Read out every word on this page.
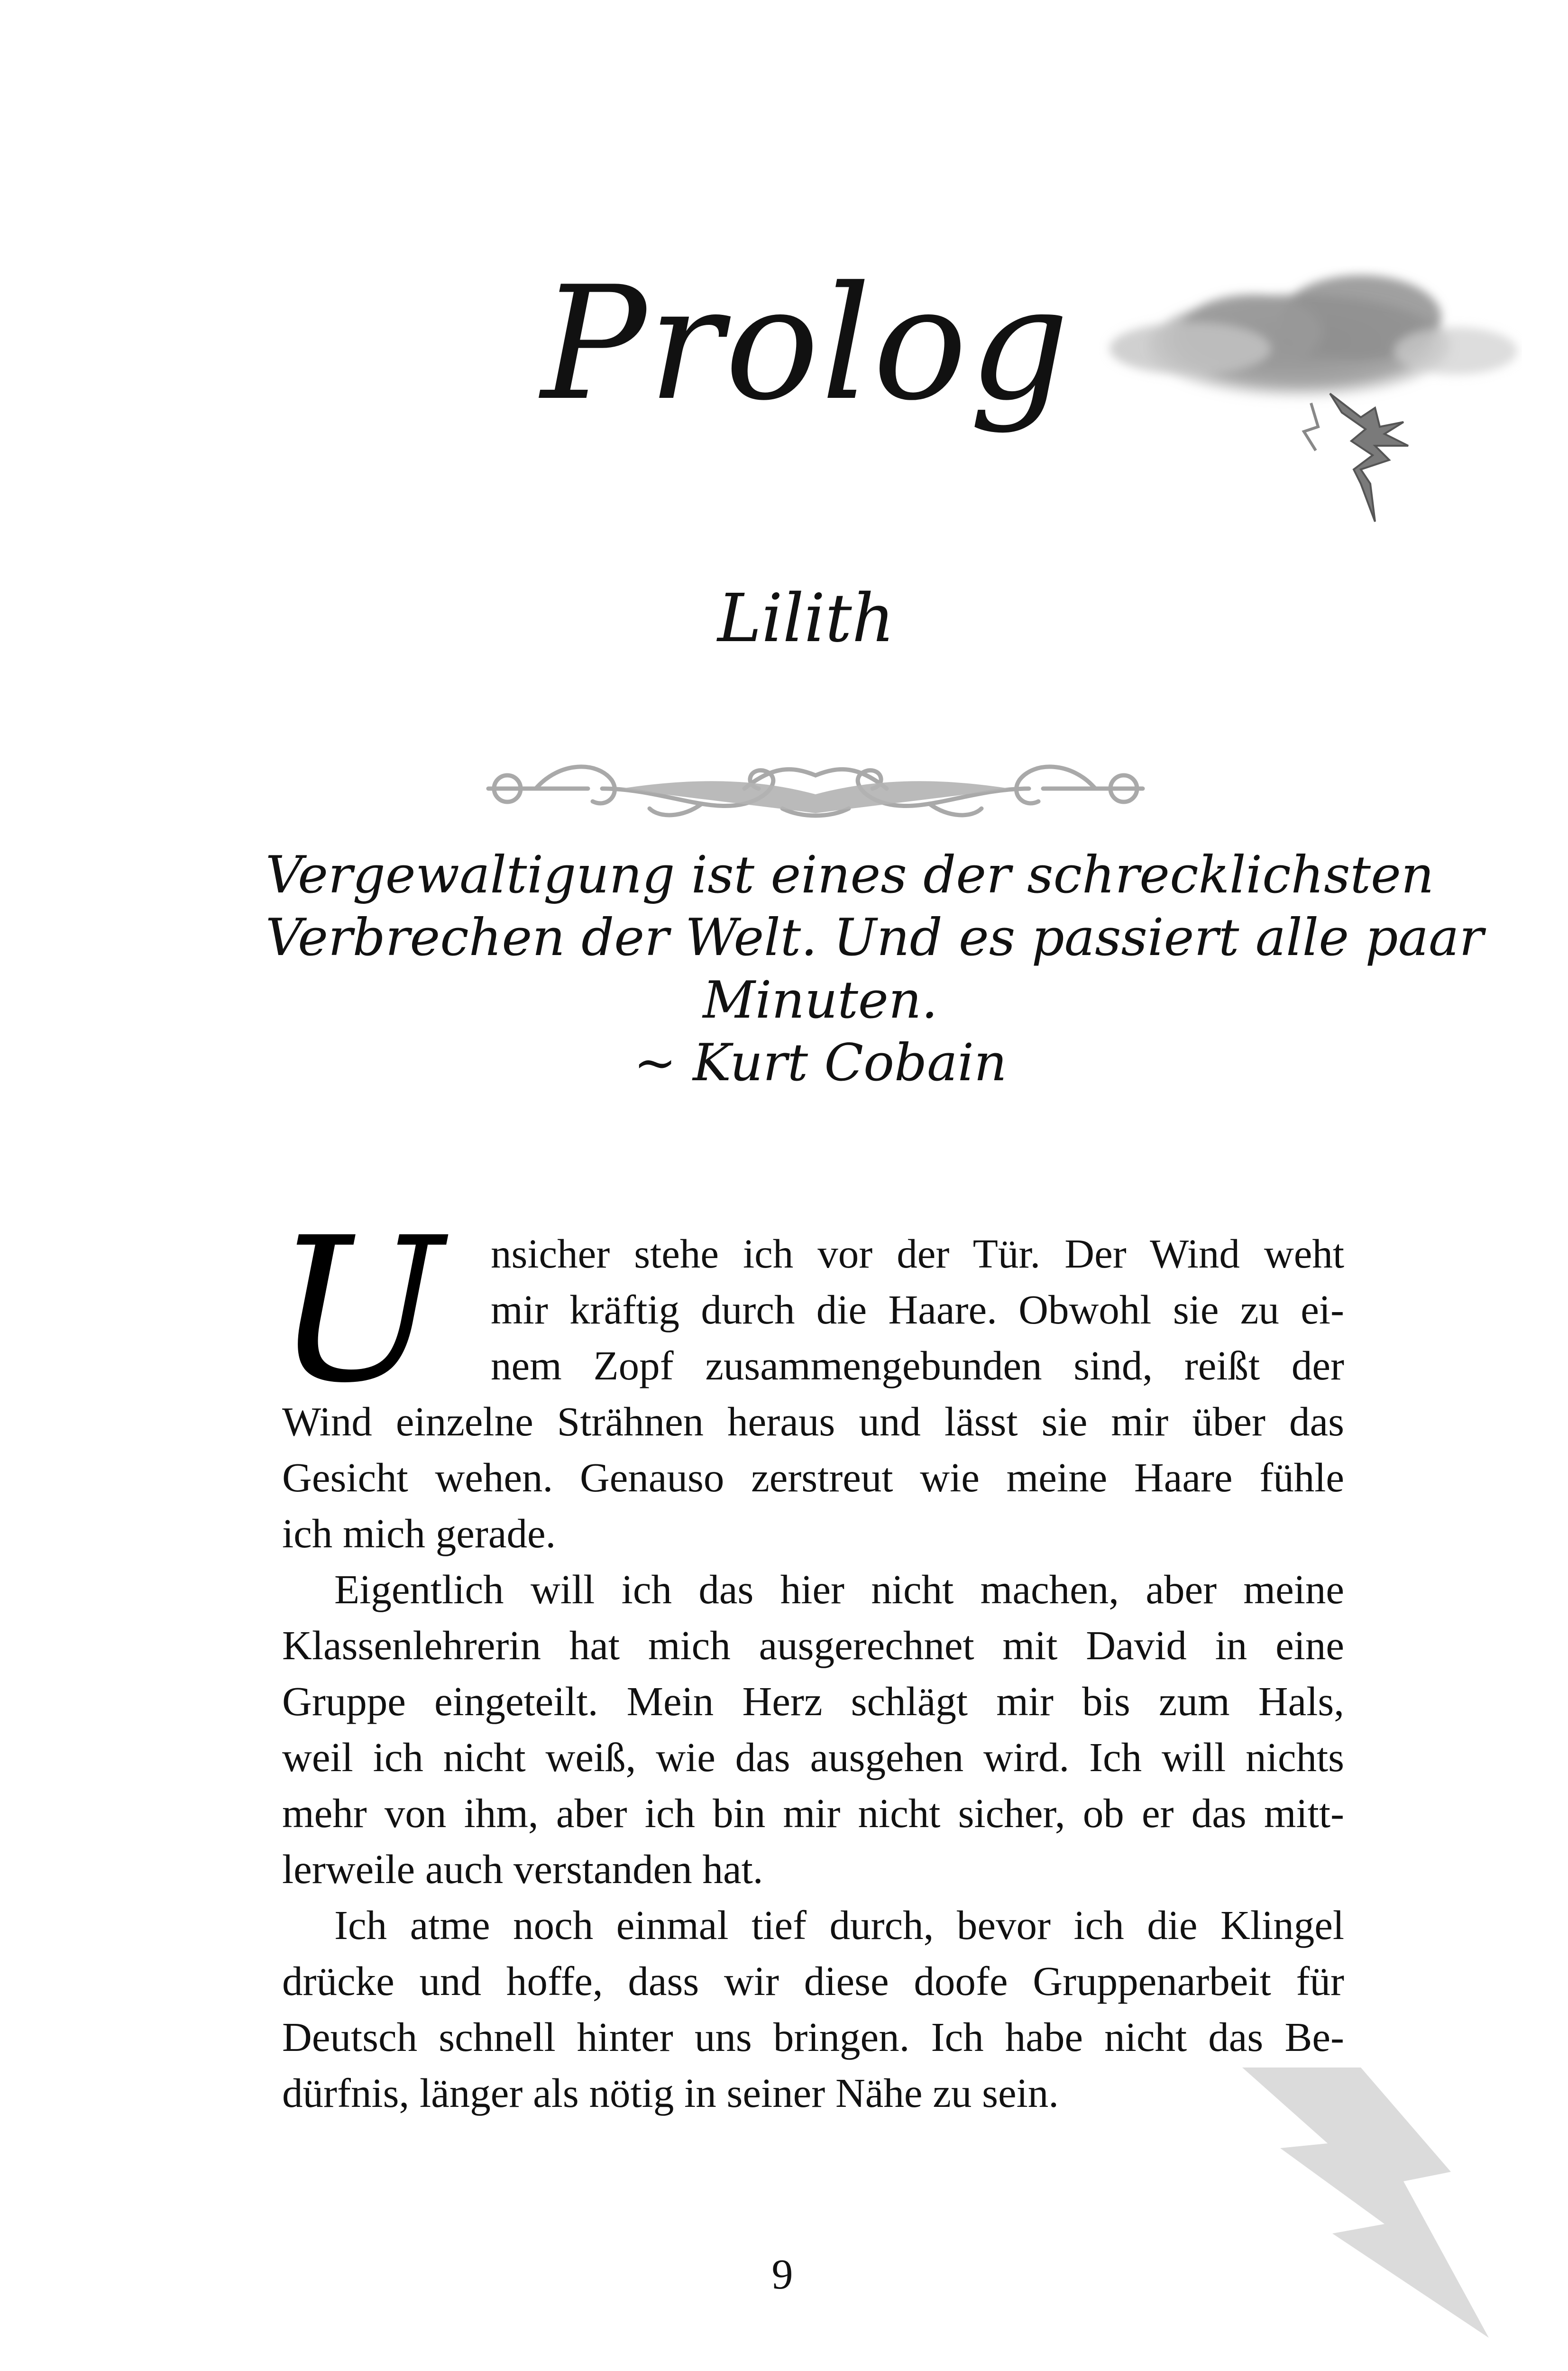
Prolog
Lilith
Vergewaltigung ist eines der schrecklichsten
Verbrechen der Welt. Und es passiert alle paar
Minuten.
~ Kurt Cobain
U	nsicher stehe ich vor der Tür. Der Wind weht
mir kräftig durch die Haare. Obwohl sie zu ei-
nem Zopf zusammengebunden sind, reißt der
Wind einzelne Strähnen heraus und lässt sie mir über das
Gesicht wehen. Genauso zerstreut wie meine Haare fühle
ich mich gerade.
Eigentlich will ich das hier nicht machen, aber meine
Klassenlehrerin hat mich ausgerechnet mit David in eine
Gruppe eingeteilt. Mein Herz schlägt mir bis zum Hals,
weil ich nicht weiß, wie das ausgehen wird. Ich will nichts
mehr von ihm, aber ich bin mir nicht sicher, ob er das mitt-
lerweile auch verstanden hat.
Ich atme noch einmal tief durch, bevor ich die Klingel
drücke und hoffe, dass wir diese doofe Gruppenarbeit für
Deutsch schnell hinter uns bringen. Ich habe nicht das Be-
dürfnis, länger als nötig in seiner Nähe zu sein.
9
